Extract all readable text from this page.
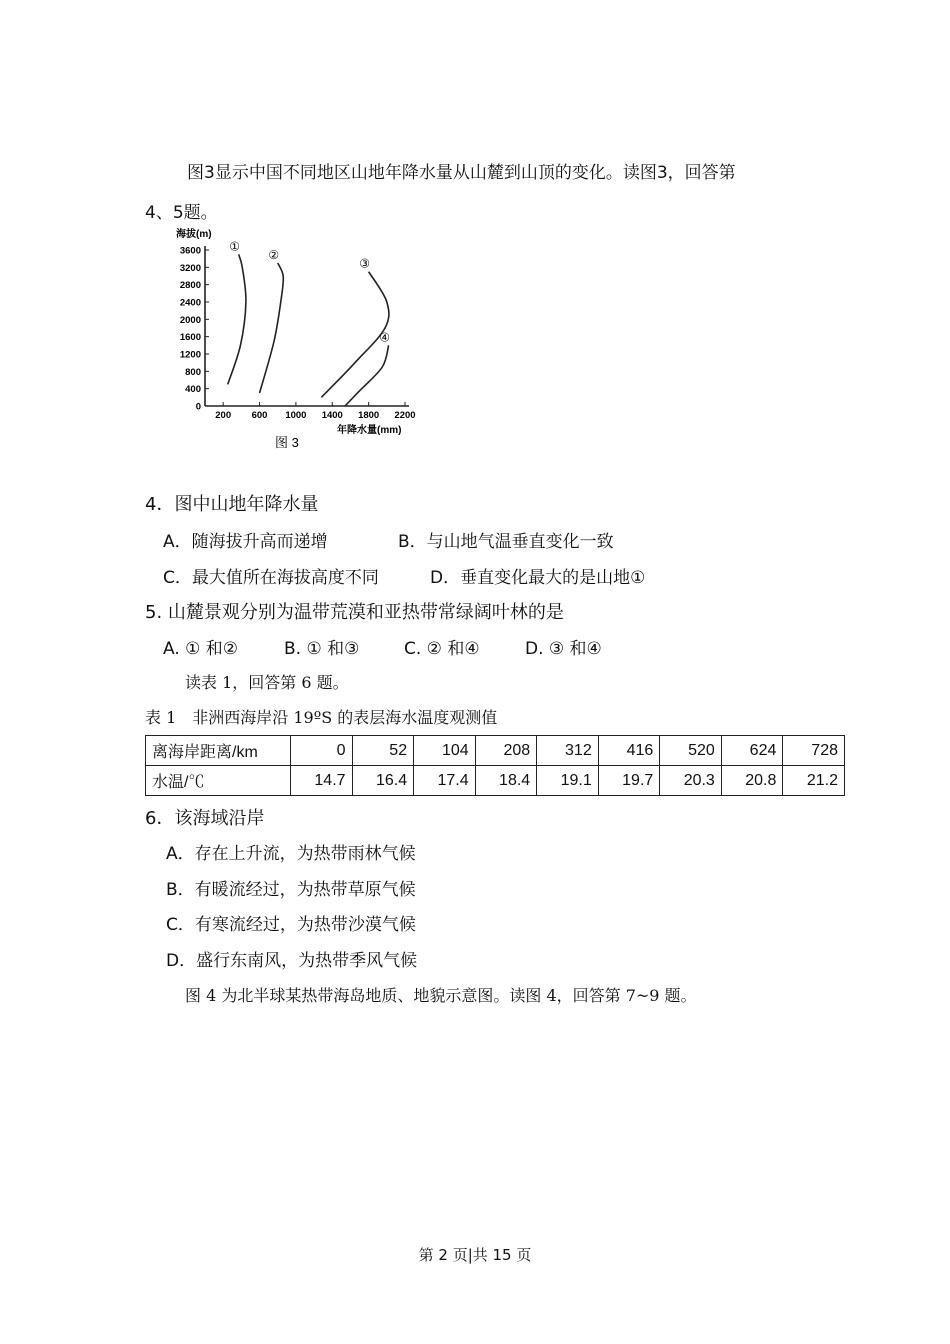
图3显示中国不同地区山地年降水量从山麓到山顶的变化。读图3，回答第
4、5题。
海拔(m)
年降水量(mm)
图 3
0
400
800
1200
1600
2000
2400
2800
3200
3600
200 600 1000 1400 1800 2200
①
②
③
④
4．图中山地年降水量
A．随海拔升高而递增	B．与山地气温垂直变化一致
C．最大值所在海拔高度不同	D．垂直变化最大的是山地①
5. 山麓景观分别为温带荒漠和亚热带常绿阔叶林的是
A. ① 和②	B. ① 和③	C. ② 和④	D. ③ 和④
读表 1，回答第 6 题。
表 1　非洲西海岸沿 19ºS 的表层海水温度观测值
离海岸距离/km	0	52	104	208	312	416	520	624	728
水温/℃	14.7	16.4	17.4	18.4	19.1	19.7	20.3	20.8	21.2
6．该海域沿岸
A．存在上升流，为热带雨林气候
B．有暖流经过，为热带草原气候
C．有寒流经过，为热带沙漠气候
D．盛行东南风，为热带季风气候
图 4 为北半球某热带海岛地质、地貌示意图。读图 4，回答第 7~9 题。
第 2 页|共 15 页
